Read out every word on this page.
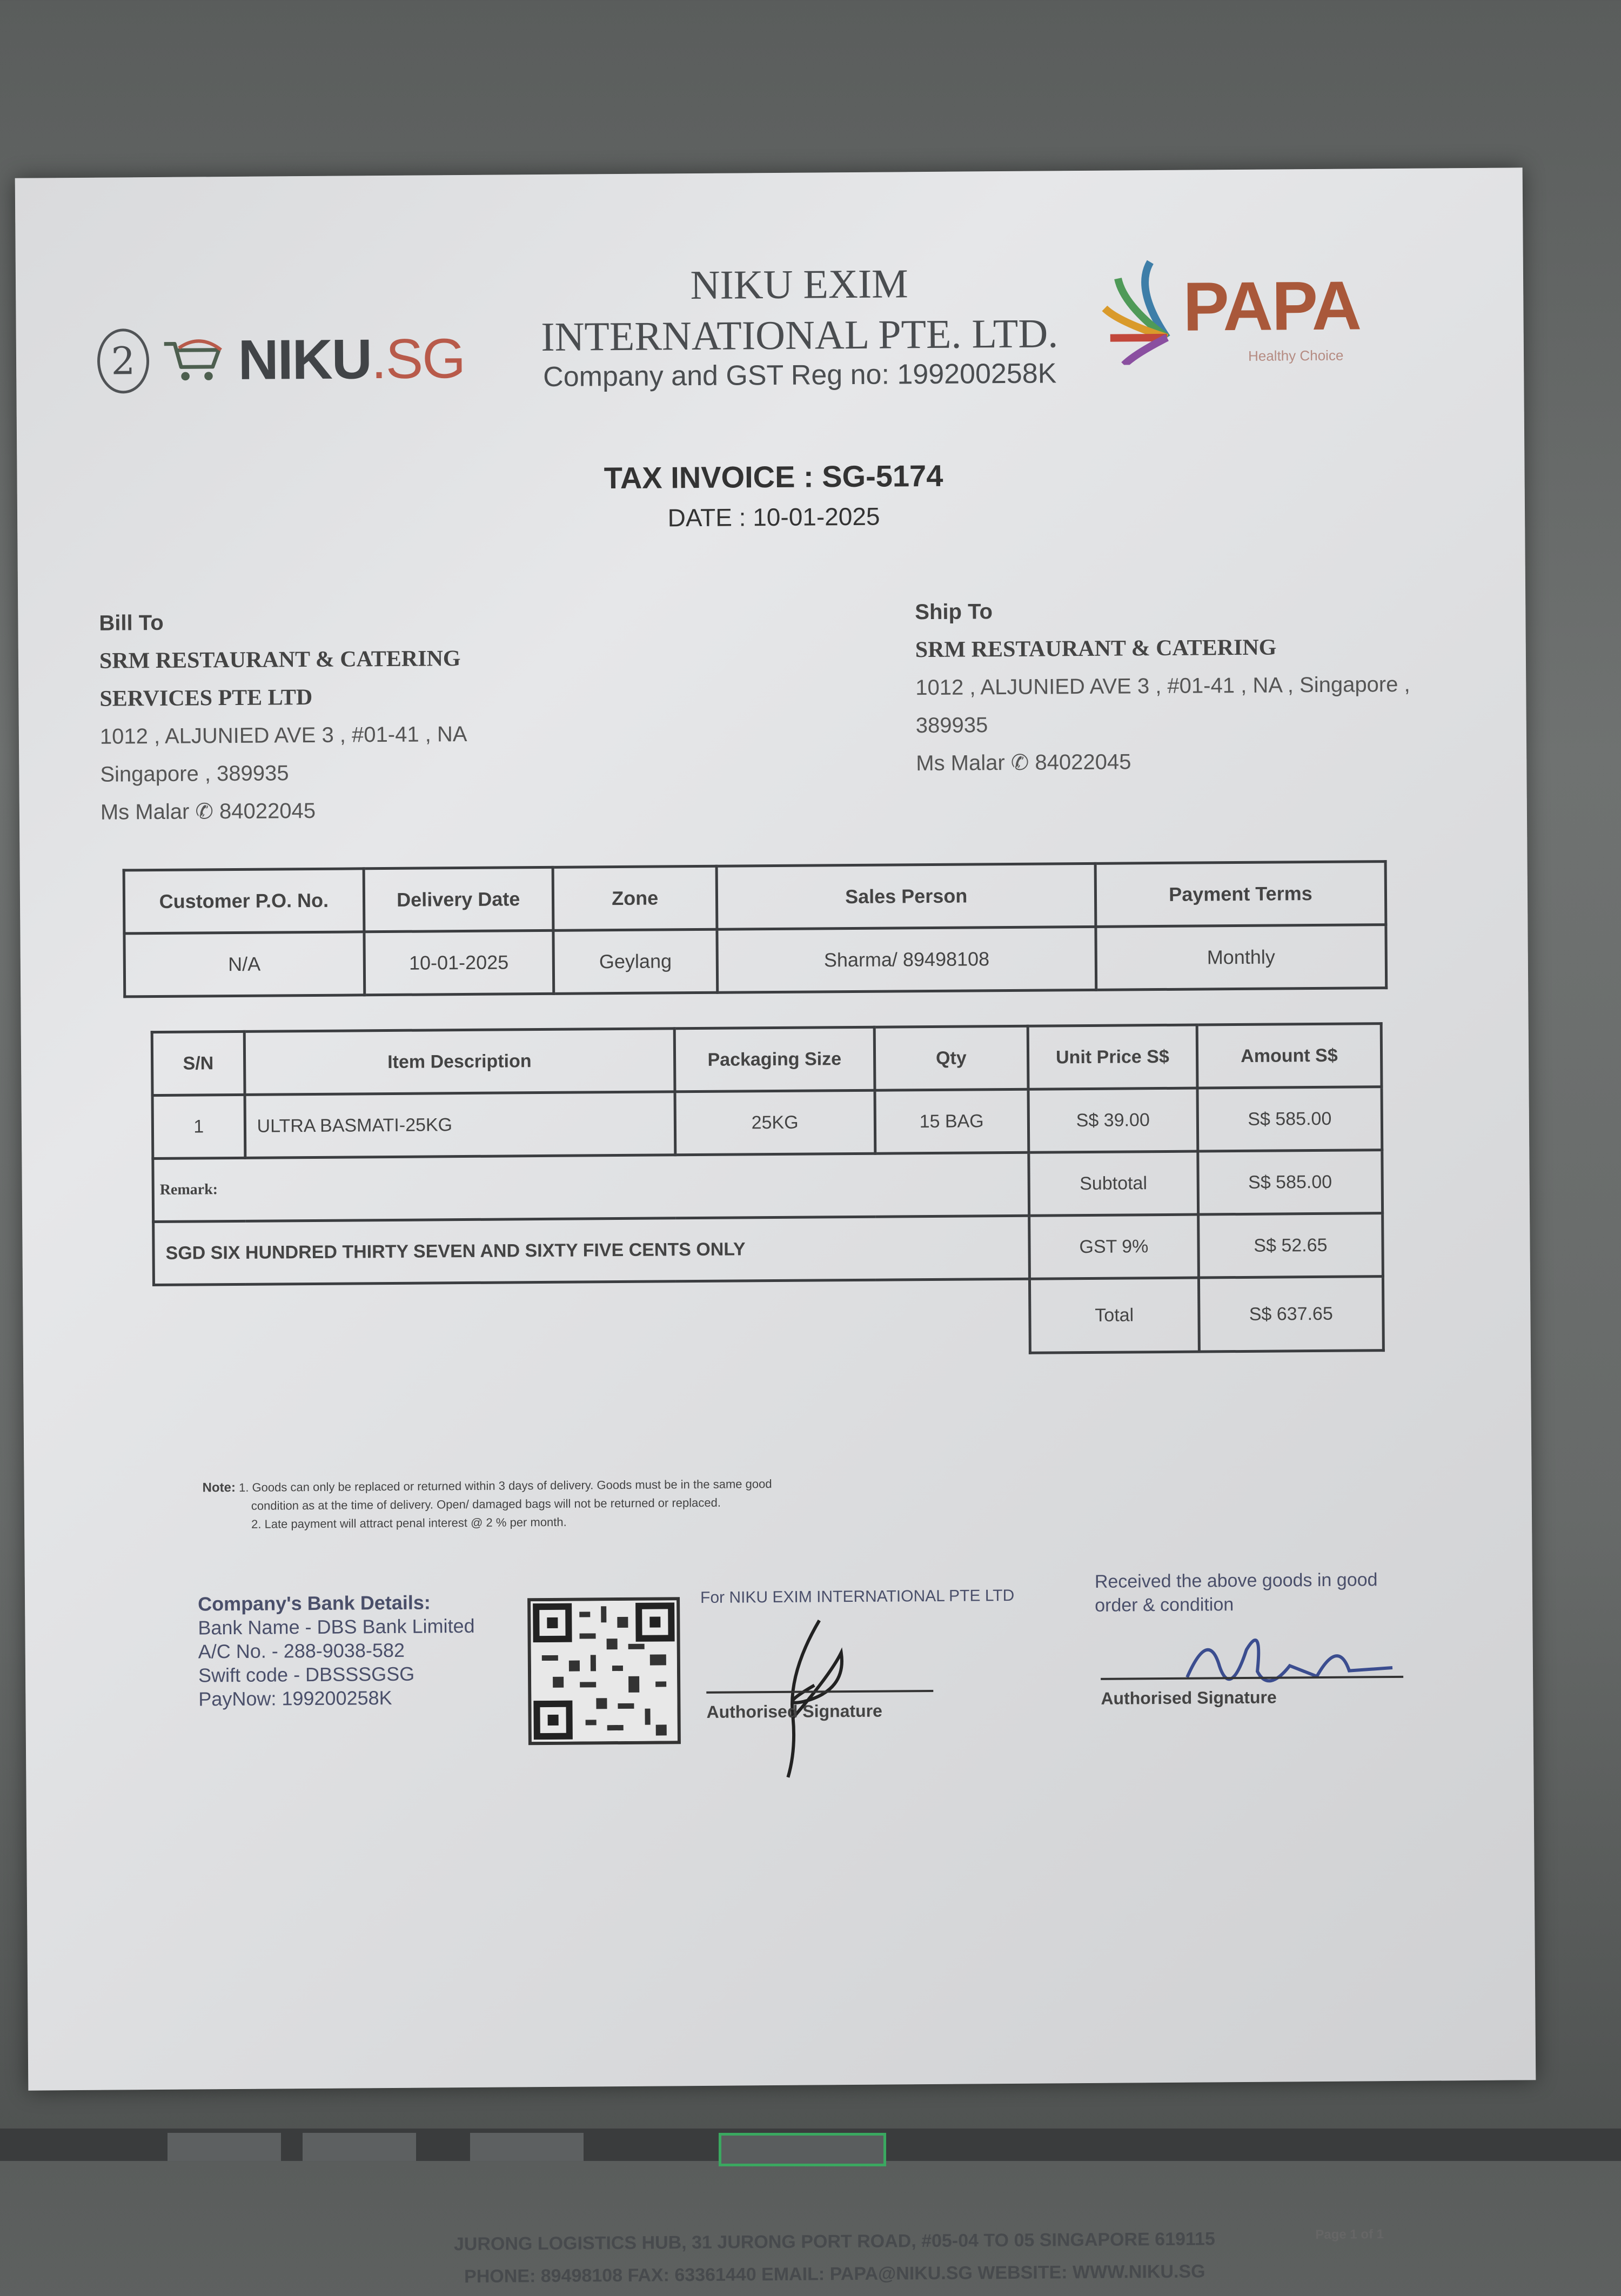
2 NIKU.SG
NIKU EXIM
INTERNATIONAL PTE. LTD.
Company and GST Reg no: 199200258K
PAPA
Healthy Choice
TAX INVOICE : SG-5174
DATE : 10-01-2025
Bill To
SRM RESTAURANT & CATERING
SERVICES PTE LTD
1012 , ALJUNIED AVE 3 , #01-41 , NA
Singapore , 389935
Ms Malar ✆ 84022045
Ship To
SRM RESTAURANT & CATERING
1012 , ALJUNIED AVE 3 , #01-41 , NA , Singapore ,
389935
Ms Malar ✆ 84022045
Customer P.O. No.	Delivery Date	Zone	Sales Person	Payment Terms
N/A	10-01-2025	Geylang	Sharma/ 89498108	Monthly
S/N	Item Description	Packaging Size	Qty	Unit Price S$	Amount S$
1	ULTRA BASMATI-25KG	25KG	15 BAG	S$ 39.00	S$ 585.00
Remark:				Subtotal	S$ 585.00
SGD SIX HUNDRED THIRTY SEVEN AND SIXTY FIVE CENTS ONLY				GST 9%	S$ 52.65
				Total	S$ 637.65
Note: 1. Goods can only be replaced or returned within 3 days of delivery. Goods must be in the same good
condition as at the time of delivery. Open/ damaged bags will not be returned or replaced.
2. Late payment will attract penal interest @ 2 % per month.
Company's Bank Details:
Bank Name - DBS Bank Limited
A/C No. - 288-9038-582
Swift code - DBSSSGSG
PayNow: 199200258K
For NIKU EXIM INTERNATIONAL PTE LTD
Authorised Signature
Received the above goods in good order & condition
Authorised Signature
JURONG LOGISTICS HUB, 31 JURONG PORT ROAD, #05-04 TO 05 SINGAPORE 619115
PHONE: 89498108 FAX: 63361440 EMAIL: PAPA@NIKU.SG WEBSITE: WWW.NIKU.SG
Page 1 of 1
